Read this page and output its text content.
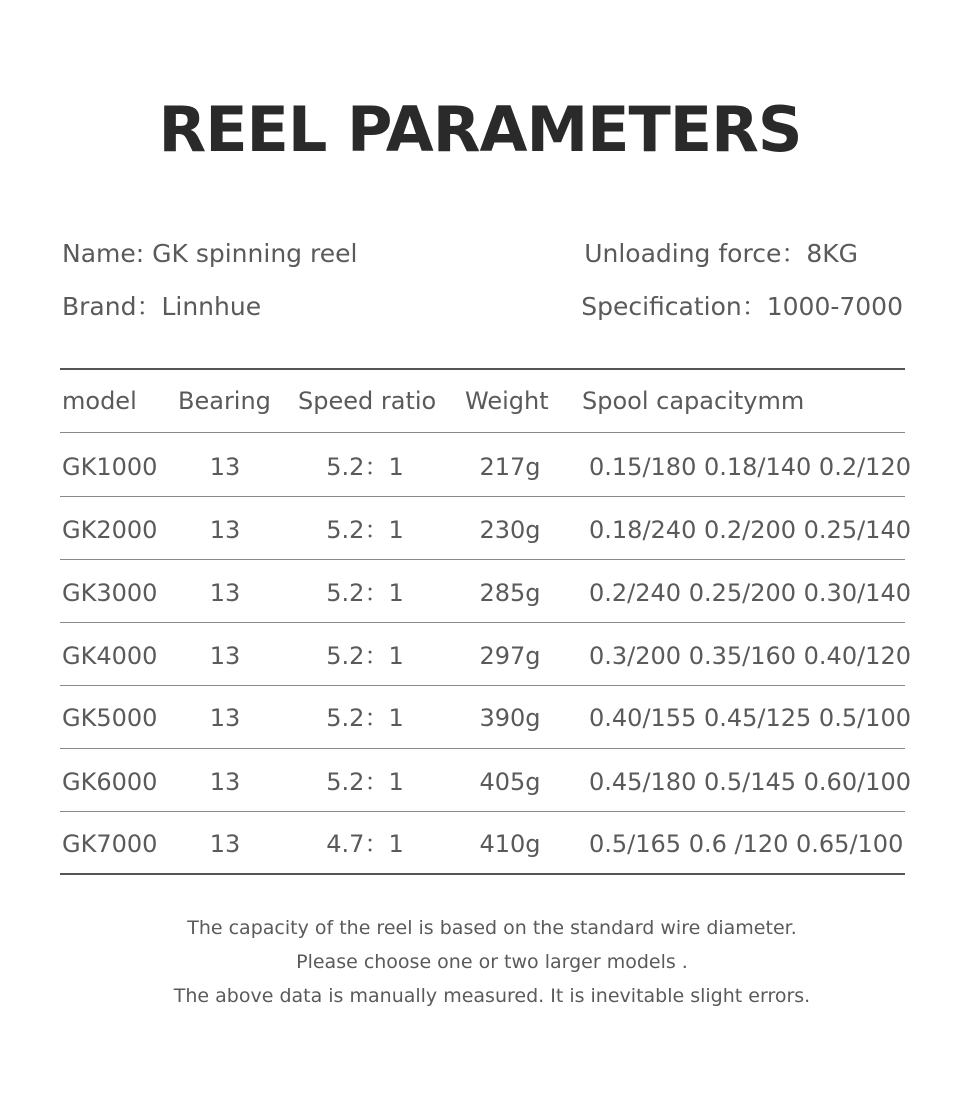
REEL PARAMETERS
Name: GK spinning reel
Brand：Linnhue
Unloading force：8KG
Specification：1000-7000
model Bearing Speed ratio Weight Spool capacitymm
GK1000	13	5.2：1	217g	0.15/180 0.18/140 0.2/120
GK2000	13	5.2：1	230g	0.18/240 0.2/200 0.25/140
GK3000	13	5.2：1	285g	0.2/240 0.25/200 0.30/140
GK4000	13	5.2：1	297g	0.3/200 0.35/160 0.40/120
GK5000	13	5.2：1	390g	0.40/155 0.45/125 0.5/100
GK6000	13	5.2：1	405g	0.45/180 0.5/145 0.60/100
GK7000	13	4.7：1	410g	0.5/165 0.6 /120 0.65/100
The capacity of the reel is based on the standard wire diameter.
Please choose one or two larger models .
The above data is manually measured. It is inevitable slight errors.
